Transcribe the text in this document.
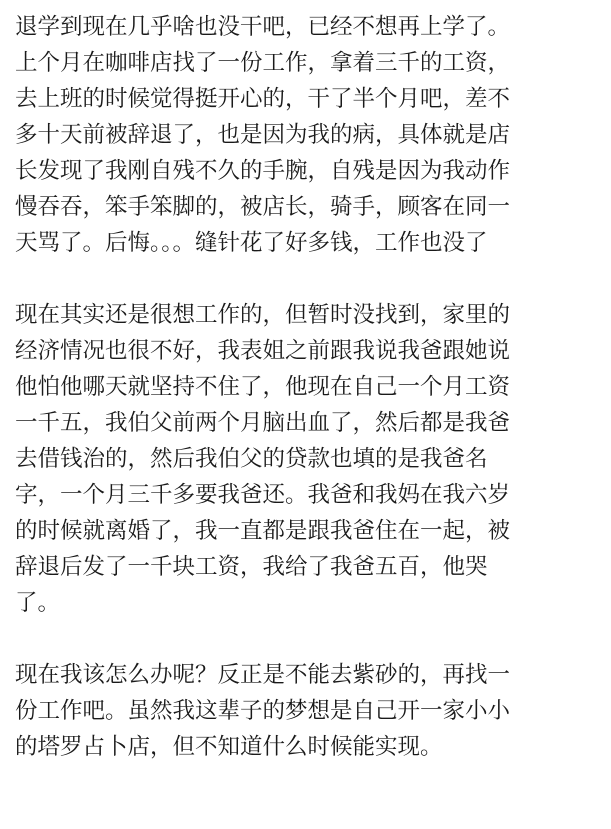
退学到现在几乎啥也没干吧，已经不想再上学了。
上个月在咖啡店找了一份工作，拿着三千的工资，
去上班的时候觉得挺开心的，干了半个月吧，差不
多十天前被辞退了，也是因为我的病，具体就是店
长发现了我刚自残不久的手腕，自残是因为我动作
慢吞吞，笨手笨脚的，被店长，骑手，顾客在同一
天骂了。后悔。。。缝针花了好多钱，工作也没了
现在其实还是很想工作的，但暂时没找到，家里的
经济情况也很不好，我表姐之前跟我说我爸跟她说
他怕他哪天就坚持不住了，他现在自己一个月工资
一千五，我伯父前两个月脑出血了，然后都是我爸
去借钱治的，然后我伯父的贷款也填的是我爸名
字，一个月三千多要我爸还。我爸和我妈在我六岁
的时候就离婚了，我一直都是跟我爸住在一起，被
辞退后发了一千块工资，我给了我爸五百，他哭
了。
现在我该怎么办呢？反正是不能去紫砂的，再找一
份工作吧。虽然我这辈子的梦想是自己开一家小小
的塔罗占卜店，但不知道什么时候能实现。
